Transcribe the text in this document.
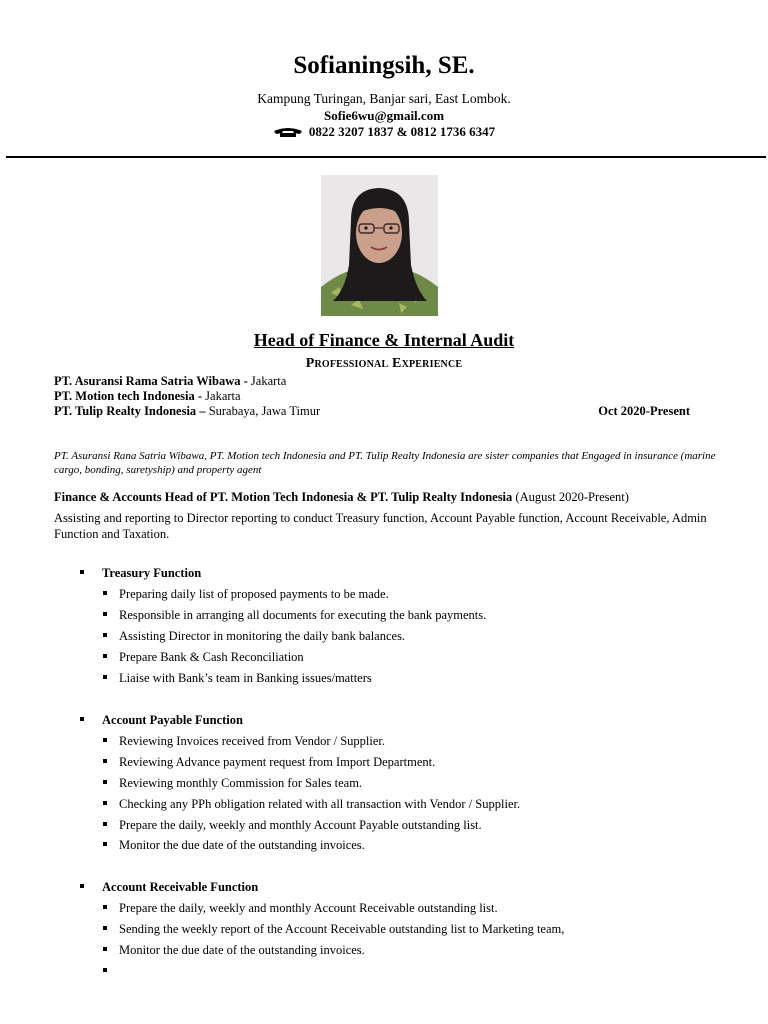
Sofianingsih, SE.
Kampung Turingan, Banjar sari, East Lombok.
Sofie6wu@gmail.com
0822 3207 1837 & 0812 1736 6347
Head of Finance & Internal Audit
Professional Experience
PT. Asuransi Rama Satria Wibawa - Jakarta
PT. Motion tech Indonesia - Jakarta
PT. Tulip Realty Indonesia – Surabaya, Jawa Timur	Oct 2020-Present
PT. Asuransi Rana Satria Wibawa, PT. Motion tech Indonesia and PT. Tulip Realty Indonesia are sister companies that Engaged in insurance (marine cargo, bonding, suretyship) and property agent
Finance & Accounts Head of PT. Motion Tech Indonesia & PT. Tulip Realty Indonesia (August 2020-Present)
Assisting and reporting to Director reporting to conduct Treasury function, Account Payable function, Account Receivable, Admin Function and Taxation.
Treasury Function
Preparing daily list of proposed payments to be made.
Responsible in arranging all documents for executing the bank payments.
Assisting Director in monitoring the daily bank balances.
Prepare Bank & Cash Reconciliation
Liaise with Bank’s team in Banking issues/matters
Account Payable Function
Reviewing Invoices received from Vendor / Supplier.
Reviewing Advance payment request from Import Department.
Reviewing monthly Commission for Sales team.
Checking any PPh obligation related with all transaction with Vendor / Supplier.
Prepare the daily, weekly and monthly Account Payable outstanding list.
Monitor the due date of the outstanding invoices.
Account Receivable Function
Prepare the daily, weekly and monthly Account Receivable outstanding list.
Sending the weekly report of the Account Receivable outstanding list to Marketing team,
Monitor the due date of the outstanding invoices.
